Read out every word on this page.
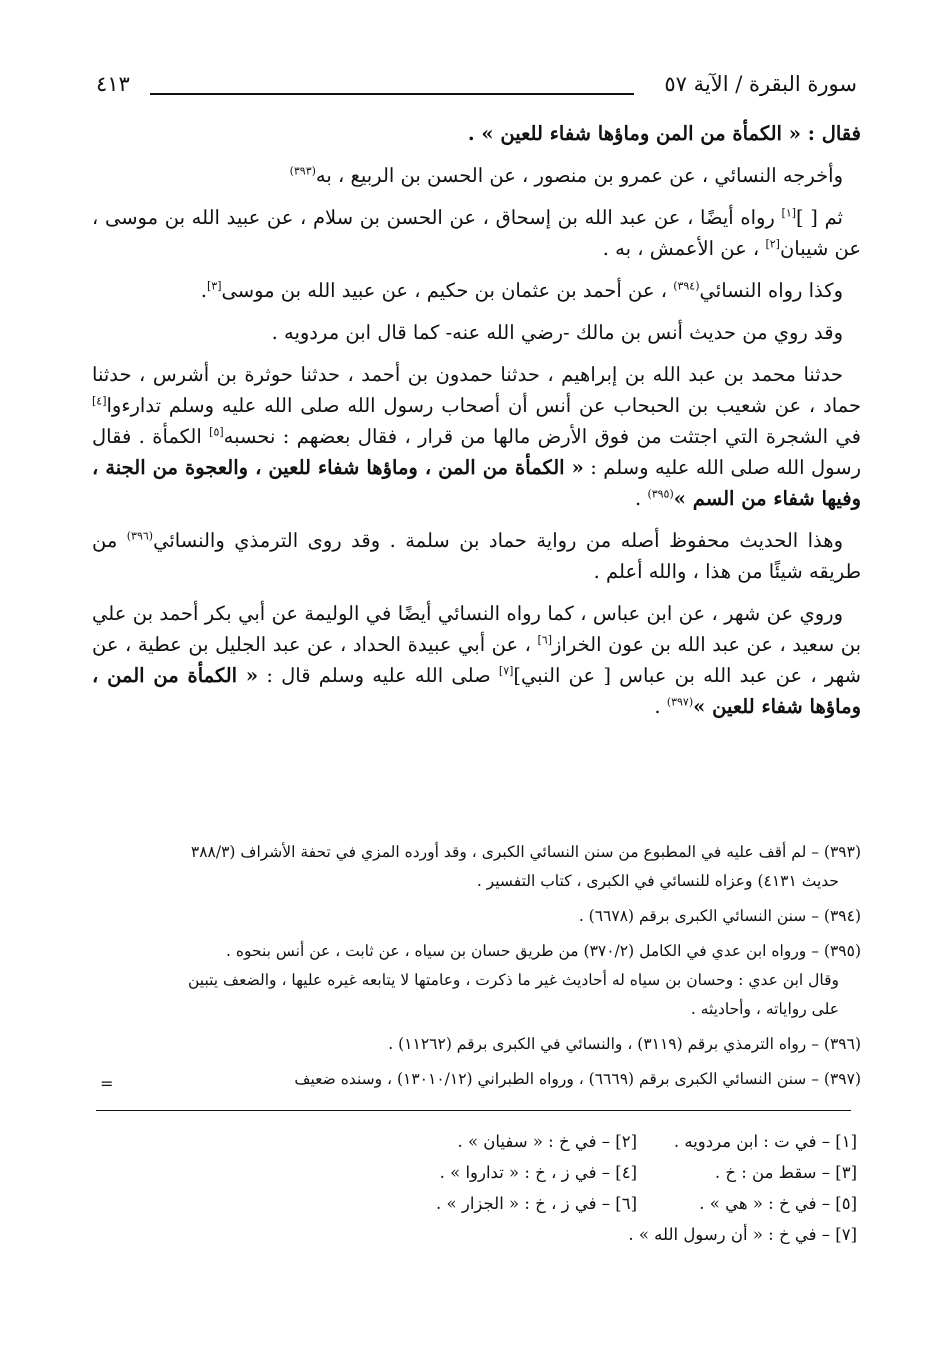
سورة البقرة / الآية ٥٧
٤١٣

فقال : « الكمأة من المن وماؤها شفاء للعين » .

وأخرجه النسائي ، عن عمرو بن منصور ، عن الحسن بن الربيع ، به$^{(٣٩٣)}$

ثم [ ][١] رواه أيضًا ، عن عبد الله بن إسحاق ، عن الحسن بن سلام ، عن عبيد الله بن موسى ، عن شيبان[٢] ، عن الأعمش ، به .

وكذا رواه النسائي$^{(٣٩٤)}$ ، عن أحمد بن عثمان بن حكيم ، عن عبيد الله بن موسى[٣].

وقد روي من حديث أنس بن مالك -رضي الله عنه- كما قال ابن مردويه .

حدثنا محمد بن عبد الله بن إبراهيم ، حدثنا حمدون بن أحمد ، حدثنا حوثرة بن أشرس ، حدثنا حماد ، عن شعيب بن الحبحاب عن أنس أن أصحاب رسول الله صلى الله عليه وسلم تدارءوا[٤] في الشجرة التي اجتثت من فوق الأرض مالها من قرار ، فقال بعضهم : نحسبه[٥] الكمأة . فقال رسول الله صلى الله عليه وسلم : « الكمأة من المن ، وماؤها شفاء للعين ، والعجوة من الجنة ، وفيها شفاء من السم »$^{(٣٩٥)}$ .

وهذا الحديث محفوظ أصله من رواية حماد بن سلمة . وقد روى الترمذي والنسائي$^{(٣٩٦)}$ من طريقه شيئًا من هذا ، والله أعلم .

وروي عن شهر ، عن ابن عباس ، كما رواه النسائي أيضًا في الوليمة عن أبي بكر أحمد بن علي بن سعيد ، عن عبد الله بن عون الخراز[٦] ، عن أبي عبيدة الحداد ، عن عبد الجليل بن عطية ، عن شهر ، عن عبد الله بن عباس [ عن النبي][٧] صلى الله عليه وسلم قال : « الكمأة من المن ، وماؤها شفاء للعين »$^{(٣٩٧)}$ .

(٣٩٣) – لم أقف عليه في المطبوع من سنن النسائي الكبرى ، وقد أورده المزي في تحفة الأشراف (٣٨٨/٣
حديث ٤١٣١) وعزاه للنسائي في الكبرى ، كتاب التفسير .
(٣٩٤) – سنن النسائي الكبرى برقم (٦٦٧٨) .
(٣٩٥) – ورواه ابن عدي في الكامل (٣٧٠/٢) من طريق حسان بن سياه ، عن ثابت ، عن أنس بنحوه .
وقال ابن عدي : وحسان بن سياه له أحاديث غير ما ذكرت ، وعامتها لا يتابعه غيره عليها ، والضعف يتبين
على رواياته ، وأحاديثه .
(٣٩٦) – رواه الترمذي برقم (٣١١٩) ، والنسائي في الكبرى برقم (١١٢٦٢) .
(٣٩٧) – سنن النسائي الكبرى برقم (٦٦٦٩) ، ورواه الطبراني (١٣٠١٠/١٢) ، وسنده ضعيف
=
[١] – في ت : ابن مردويه .
[٢] – في خ : « سفيان » .
[٣] – سقط من : خ .
[٤] – في ز ، خ : « تداروا » .
[٥] – في خ : « هي » .
[٦] – في ز ، خ : « الجزار » .
[٧] – في خ : « أن رسول الله » .
